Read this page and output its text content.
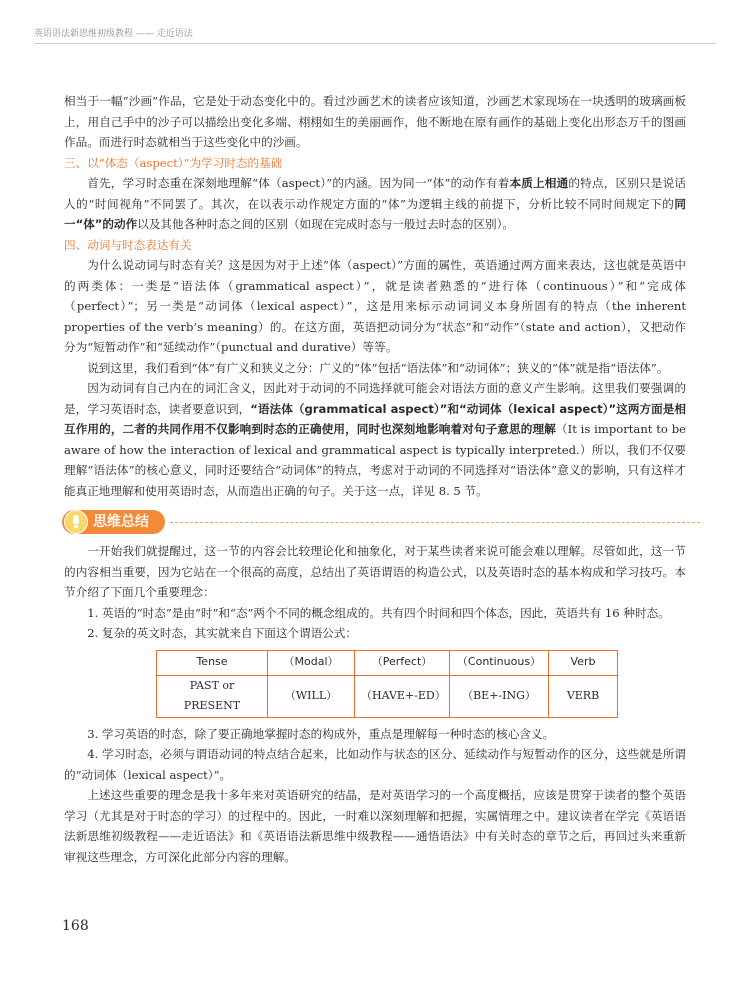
英语语法新思维初级教程 —— 走近语法

相当于一幅“沙画”作品，它是处于动态变化中的。看过沙画艺术的读者应该知道，沙画艺术家现场在一块透明的玻璃画板上，用自己手中的沙子可以描绘出变化多端、栩栩如生的美丽画作，他不断地在原有画作的基础上变化出形态万千的图画作品。而进行时态就相当于这些变化中的沙画。

三、以“体态（aspect）”为学习时态的基础

首先，学习时态重在深刻地理解“体（aspect）”的内涵。因为同一“体”的动作有着本质上相通的特点，区别只是说话人的“时间视角”不同罢了。其次，在以表示动作规定方面的“体”为逻辑主线的前提下，分析比较不同时间规定下的同一“体”的动作以及其他各种时态之间的区别（如现在完成时态与一般过去时态的区别）。

四、动词与时态表达有关

为什么说动词与时态有关？这是因为对于上述“体（aspect）”方面的属性，英语通过两方面来表达，这也就是英语中的两类体：一类是“语法体（grammatical aspect）”，就是读者熟悉的“进行体（continuous）”和“完成体（perfect）”；另一类是“动词体（lexical aspect）”，这是用来标示动词词义本身所固有的特点（the inherent properties of the verb’s meaning）的。在这方面，英语把动词分为“状态”和“动作”（state and action），又把动作分为“短暂动作”和“延续动作”（punctual and durative）等等。

说到这里，我们看到“体”有广义和狭义之分：广义的“体”包括“语法体”和“动词体”；狭义的“体”就是指“语法体”。

因为动词有自己内在的词汇含义，因此对于动词的不同选择就可能会对语法方面的意义产生影响。这里我们要强调的是，学习英语时态，读者要意识到，“语法体（grammatical aspect）”和“动词体（lexical aspect）”这两方面是相互作用的，二者的共同作用不仅影响到时态的正确使用，同时也深刻地影响着对句子意思的理解（It is important to be aware of how the interaction of lexical and grammatical aspect is typically interpreted.）所以，我们不仅要理解“语法体”的核心意义，同时还要结合“动词体”的特点，考虑对于动词的不同选择对“语法体”意义的影响，只有这样才能真正地理解和使用英语时态，从而造出正确的句子。关于这一点，详见 8. 5 节。

思维总结

一开始我们就提醒过，这一节的内容会比较理论化和抽象化，对于某些读者来说可能会难以理解。尽管如此，这一节的内容相当重要，因为它站在一个很高的高度，总结出了英语谓语的构造公式，以及英语时态的基本构成和学习技巧。本节介绍了下面几个重要理念：

1. 英语的“时态”是由“时”和“态”两个不同的概念组成的。共有四个时间和四个体态，因此，英语共有 16 种时态。

2. 复杂的英文时态，其实就来自下面这个谓语公式：

Tense	（Modal）	（Perfect）	（Continuous）	Verb
PAST or PRESENT	（WILL）	（HAVE+-ED）	（BE+-ING）	VERB

3. 学习英语的时态，除了要正确地掌握时态的构成外，重点是理解每一种时态的核心含义。

4. 学习时态，必须与谓语动词的特点结合起来，比如动作与状态的区分、延续动作与短暂动作的区分，这些就是所谓的“动词体（lexical aspect）”。

上述这些重要的理念是我十多年来对英语研究的结晶，是对英语学习的一个高度概括，应该是贯穿于读者的整个英语学习（尤其是对于时态的学习）的过程中的。因此，一时难以深刻理解和把握，实属情理之中。建议读者在学完《英语语法新思维初级教程——走近语法》和《英语语法新思维中级教程——通悟语法》中有关时态的章节之后，再回过头来重新审视这些理念，方可深化此部分内容的理解。

168
